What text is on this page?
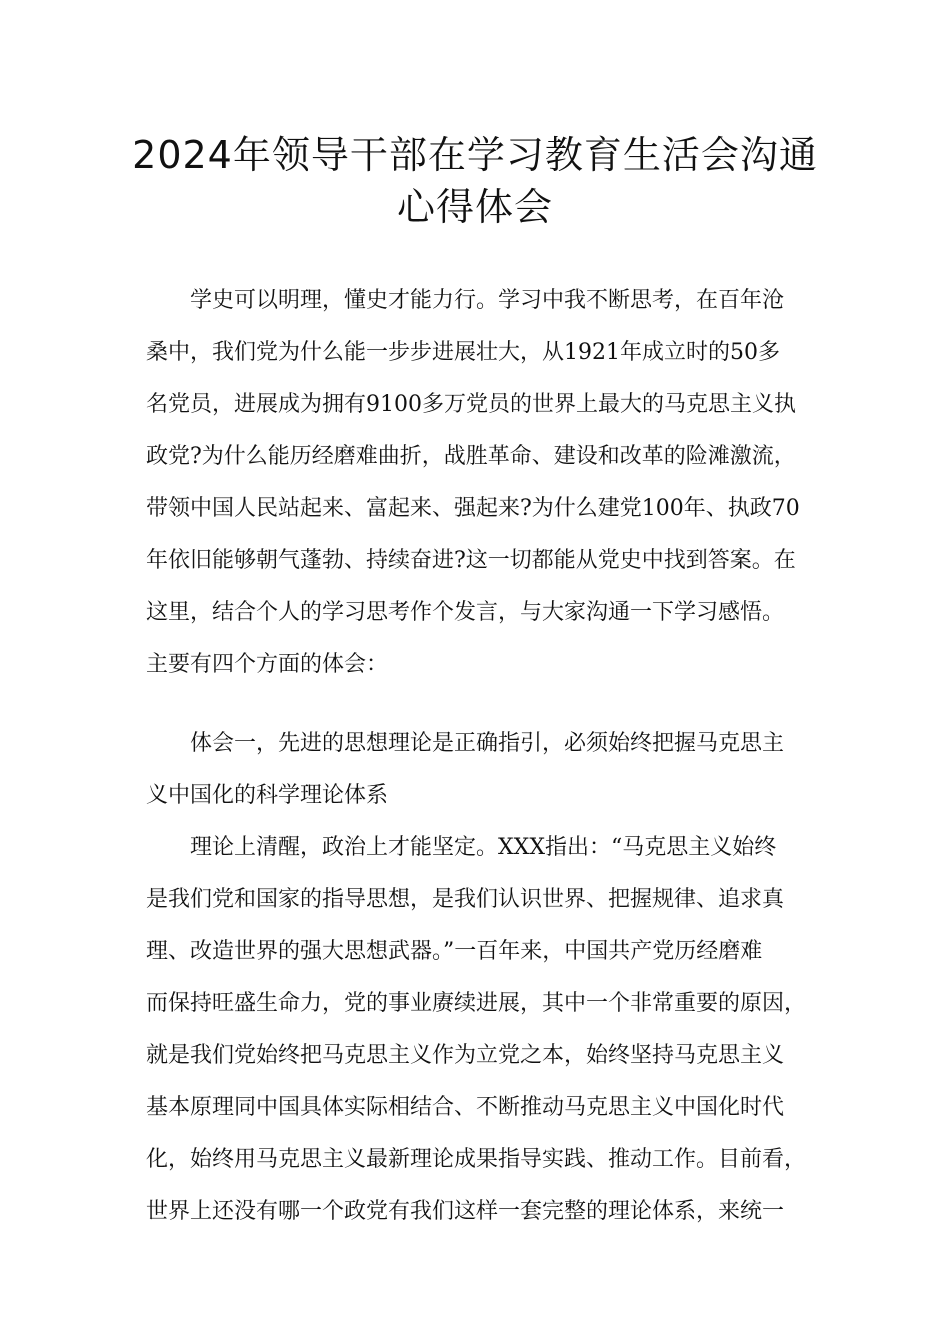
2024年领导干部在学习教育生活会沟通
心得体会
学史可以明理，懂史才能力行。学习中我不断思考，在百年沧
桑中，我们党为什么能一步步进展壮大，从1921年成立时的50多
名党员，进展成为拥有9100多万党员的世界上最大的马克思主义执
政党?为什么能历经磨难曲折，战胜革命、建设和改革的险滩激流，
带领中国人民站起来、富起来、强起来?为什么建党100年、执政70
年依旧能够朝气蓬勃、持续奋进?这一切都能从党史中找到答案。在
这里，结合个人的学习思考作个发言，与大家沟通一下学习感悟。
主要有四个方面的体会：
体会一，先进的思想理论是正确指引，必须始终把握马克思主
义中国化的科学理论体系
理论上清醒，政治上才能坚定。XXX指出：“马克思主义始终
是我们党和国家的指导思想，是我们认识世界、把握规律、追求真
理、改造世界的强大思想武器。”一百年来，中国共产党历经磨难
而保持旺盛生命力，党的事业赓续进展，其中一个非常重要的原因，
就是我们党始终把马克思主义作为立党之本，始终坚持马克思主义
基本原理同中国具体实际相结合、不断推动马克思主义中国化时代
化，始终用马克思主义最新理论成果指导实践、推动工作。目前看，
世界上还没有哪一个政党有我们这样一套完整的理论体系，来统一
